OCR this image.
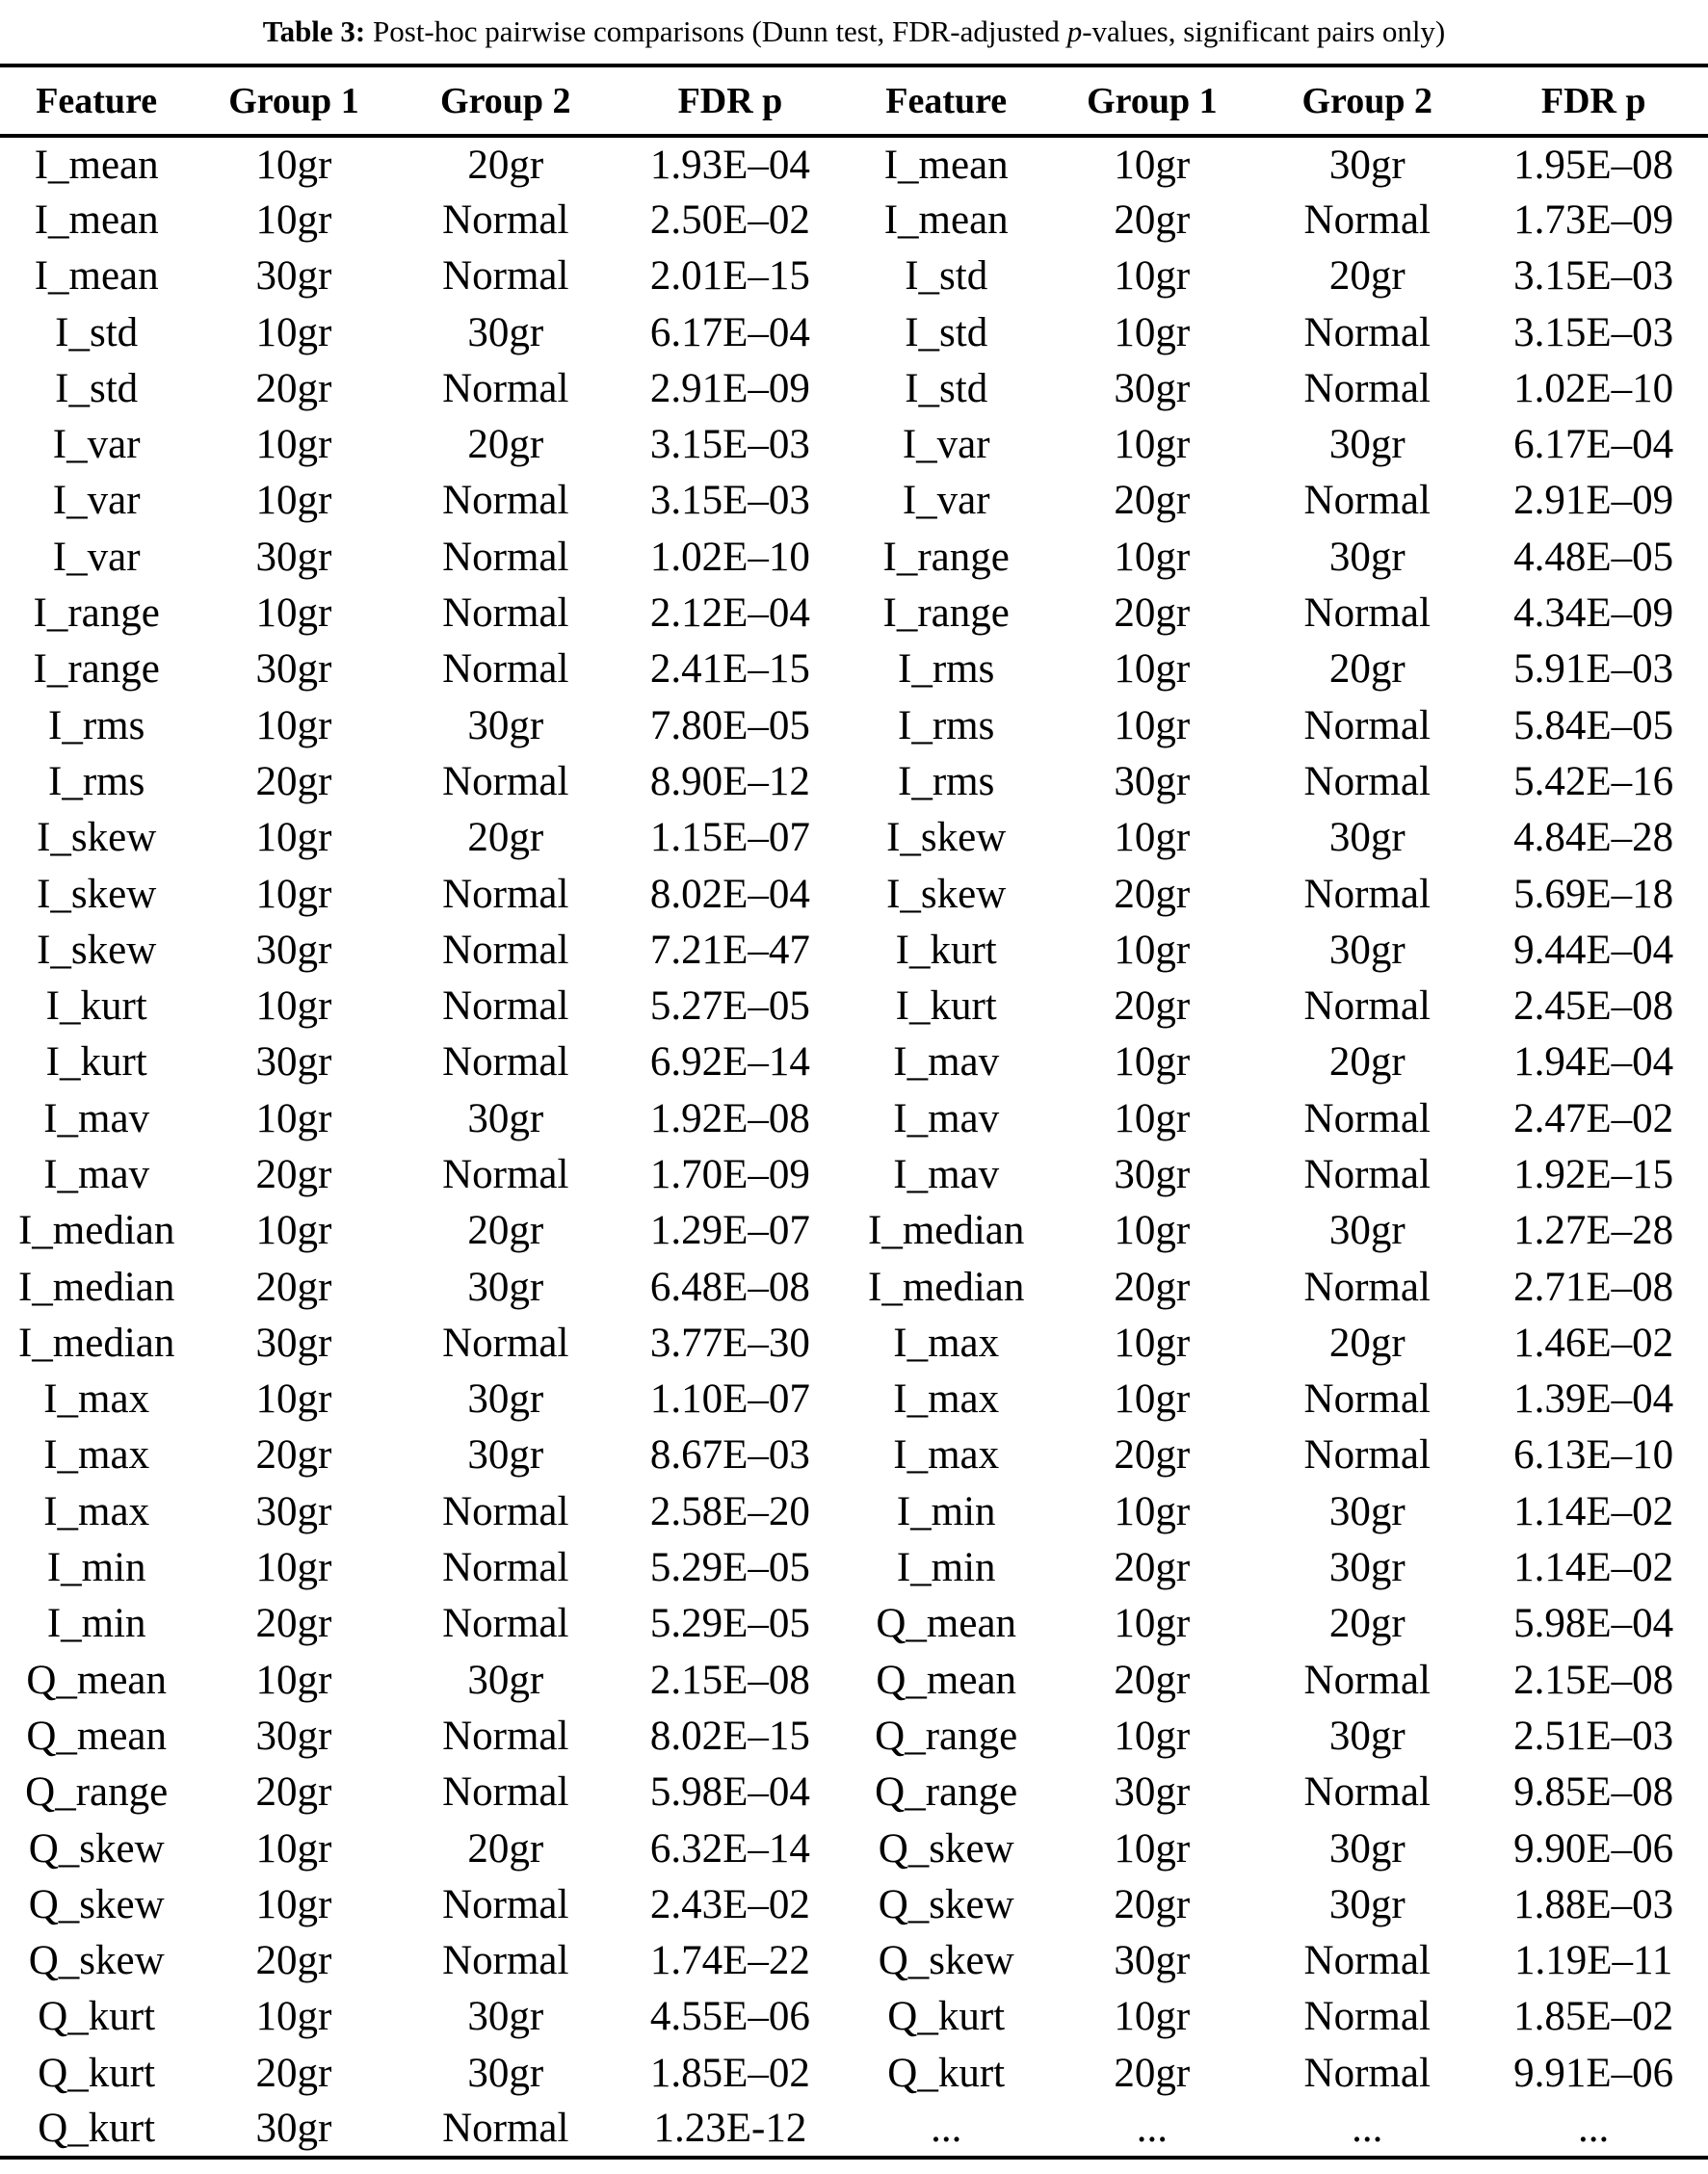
Table 3: Post-hoc pairwise comparisons (Dunn test, FDR-adjusted p -values, significant pairs only)
Feature	Group 1	Group 2	FDR p	Feature	Group 1	Group 2	FDR p
I_mean	10gr	20gr	1.93E–04	I_mean	10gr	30gr	1.95E–08
I_mean	10gr	Normal	2.50E–02	I_mean	20gr	Normal	1.73E–09
I_mean	30gr	Normal	2.01E–15	I_std	10gr	20gr	3.15E–03
I_std	10gr	30gr	6.17E–04	I_std	10gr	Normal	3.15E–03
I_std	20gr	Normal	2.91E–09	I_std	30gr	Normal	1.02E–10
I_var	10gr	20gr	3.15E–03	I_var	10gr	30gr	6.17E–04
I_var	10gr	Normal	3.15E–03	I_var	20gr	Normal	2.91E–09
I_var	30gr	Normal	1.02E–10	I_range	10gr	30gr	4.48E–05
I_range	10gr	Normal	2.12E–04	I_range	20gr	Normal	4.34E–09
I_range	30gr	Normal	2.41E–15	I_rms	10gr	20gr	5.91E–03
I_rms	10gr	30gr	7.80E–05	I_rms	10gr	Normal	5.84E–05
I_rms	20gr	Normal	8.90E–12	I_rms	30gr	Normal	5.42E–16
I_skew	10gr	20gr	1.15E–07	I_skew	10gr	30gr	4.84E–28
I_skew	10gr	Normal	8.02E–04	I_skew	20gr	Normal	5.69E–18
I_skew	30gr	Normal	7.21E–47	I_kurt	10gr	30gr	9.44E–04
I_kurt	10gr	Normal	5.27E–05	I_kurt	20gr	Normal	2.45E–08
I_kurt	30gr	Normal	6.92E–14	I_mav	10gr	20gr	1.94E–04
I_mav	10gr	30gr	1.92E–08	I_mav	10gr	Normal	2.47E–02
I_mav	20gr	Normal	1.70E–09	I_mav	30gr	Normal	1.92E–15
I_median	10gr	20gr	1.29E–07	I_median	10gr	30gr	1.27E–28
I_median	20gr	30gr	6.48E–08	I_median	20gr	Normal	2.71E–08
I_median	30gr	Normal	3.77E–30	I_max	10gr	20gr	1.46E–02
I_max	10gr	30gr	1.10E–07	I_max	10gr	Normal	1.39E–04
I_max	20gr	30gr	8.67E–03	I_max	20gr	Normal	6.13E–10
I_max	30gr	Normal	2.58E–20	I_min	10gr	30gr	1.14E–02
I_min	10gr	Normal	5.29E–05	I_min	20gr	30gr	1.14E–02
I_min	20gr	Normal	5.29E–05	Q_mean	10gr	20gr	5.98E–04
Q_mean	10gr	30gr	2.15E–08	Q_mean	20gr	Normal	2.15E–08
Q_mean	30gr	Normal	8.02E–15	Q_range	10gr	30gr	2.51E–03
Q_range	20gr	Normal	5.98E–04	Q_range	30gr	Normal	9.85E–08
Q_skew	10gr	20gr	6.32E–14	Q_skew	10gr	30gr	9.90E–06
Q_skew	10gr	Normal	2.43E–02	Q_skew	20gr	30gr	1.88E–03
Q_skew	20gr	Normal	1.74E–22	Q_skew	30gr	Normal	1.19E–11
Q_kurt	10gr	30gr	4.55E–06	Q_kurt	10gr	Normal	1.85E–02
Q_kurt	20gr	30gr	1.85E–02	Q_kurt	20gr	Normal	9.91E–06
Q_kurt	30gr	Normal	1.23E-12	...	...	...	...
